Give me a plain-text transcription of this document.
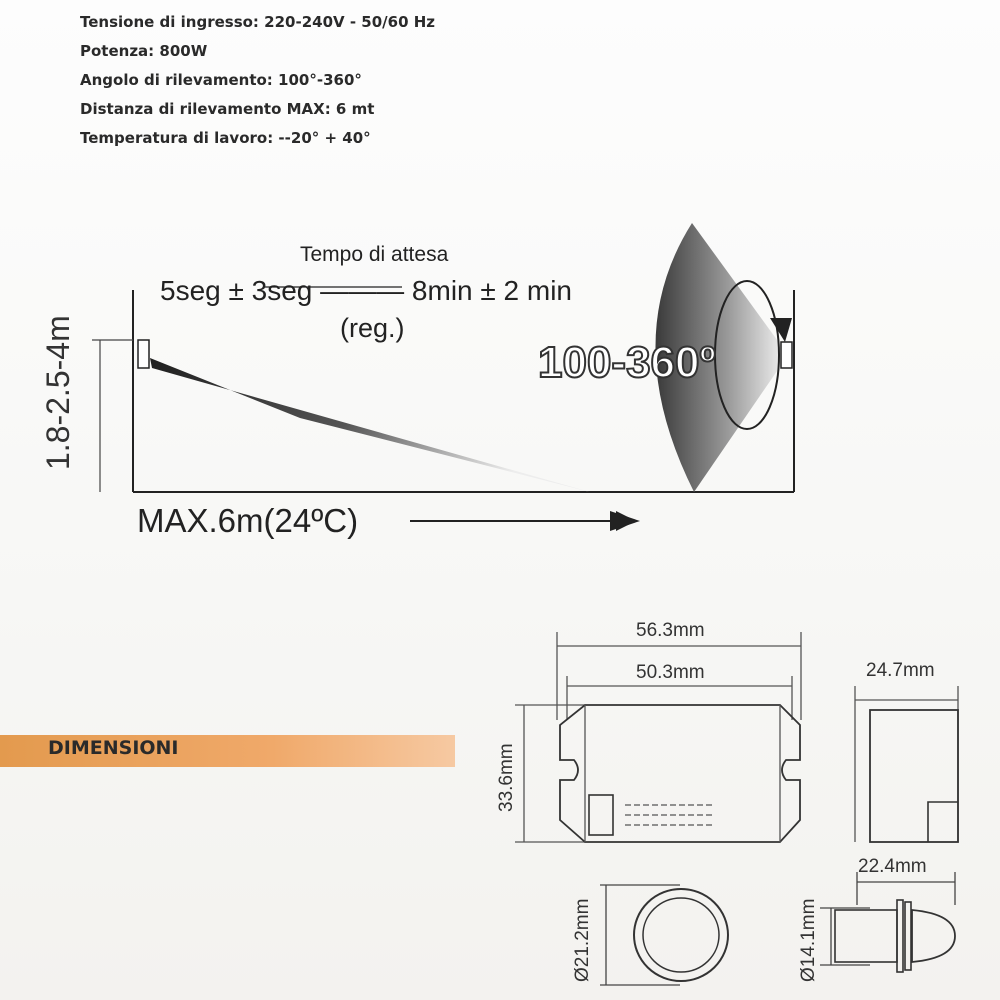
Tensione di ingresso: 220-240V - 50/60 Hz
Potenza: 800W
Angolo di rilevamento: 100°-360°
Distanza di rilevamento MAX: 6 mt
Temperatura di lavoro: --20° + 40°
Tempo di attesa
5seg ± 3seg ——— 8min ± 2 min
(reg.)
1.8-2.5-4m
MAX.6m(24ºC)
100-360º
DIMENSIONI
56.3mm
50.3mm
33.6mm
24.7mm
22.4mm
Ø21.2mm	Ø14.1mm
